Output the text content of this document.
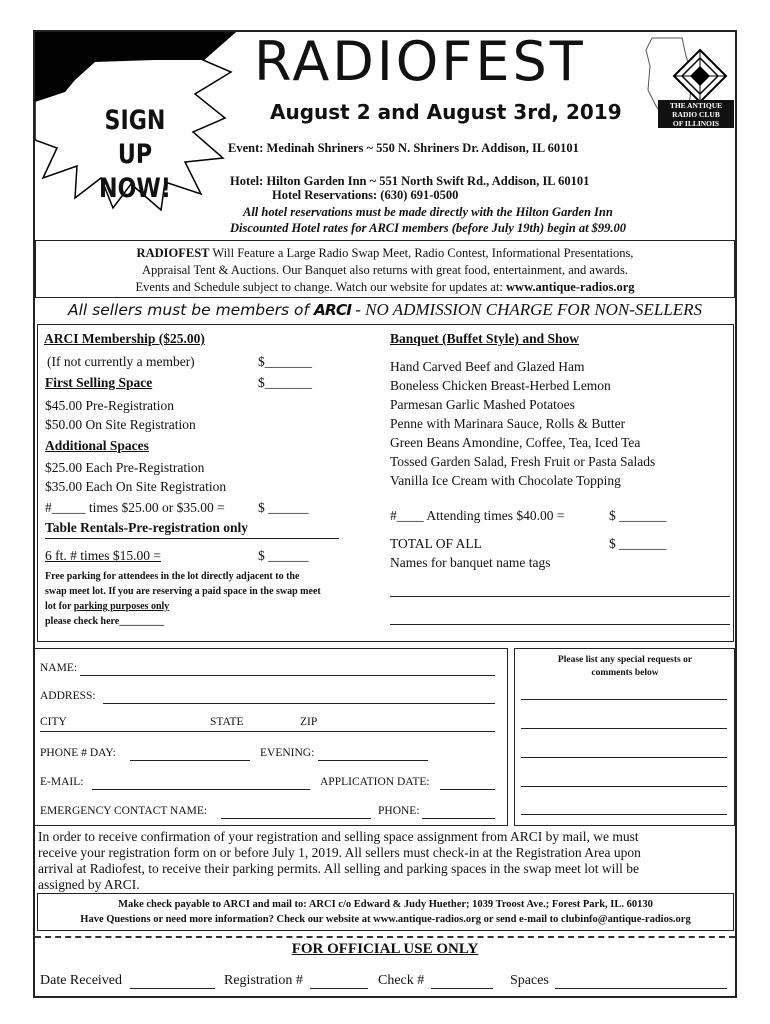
SIGN UP
NOW!
RADIOFEST
August 2 and August 3rd, 2019	THE ANTIQUE
RADIO CLUB
OF ILLINOIS
Event: Medinah Shriners ~ 550 N. Shriners Dr. Addison, IL 60101
Hotel: Hilton Garden Inn ~ 551 North Swift Rd., Addison, IL 60101
Hotel Reservations: (630) 691-0500
All hotel reservations must be made directly with the Hilton Garden Inn
Discounted Hotel rates for ARCI members (before July 19th) begin at $99.00
RADIOFEST Will Feature a Large Radio Swap Meet, Radio Contest, Informational Presentations,
Appraisal Tent & Auctions. Our Banquet also returns with great food, entertainment, and awards.
Events and Schedule subject to change. Watch our website for updates at: www.antique-radios.org
All sellers must be members of ARCI - NO ADMISSION CHARGE FOR NON-SELLERS
ARCI Membership ($25.00)
(If not currently a member)	$_______
First Selling Space	$_______
$45.00 Pre-Registration
$50.00 On Site Registration
Additional Spaces
$25.00 Each Pre-Registration
$35.00 Each On Site Registration
#_____ times $25.00 or $35.00 = $ ______
Table Rentals-Pre-registration only
6 ft. # times $15.00 =	$ ______
Free parking for attendees in the lot directly adjacent to the
swap meet lot. If you are reserving a paid space in the swap meet
lot for parking purposes only
please check here_________
Banquet (Buffet Style) and Show
Hand Carved Beef and Glazed Ham
Boneless Chicken Breast-Herbed Lemon
Parmesan Garlic Mashed Potatoes
Penne with Marinara Sauce, Rolls & Butter
Green Beans Amondine, Coffee, Tea, Iced Tea
Tossed Garden Salad, Fresh Fruit or Pasta Salads
Vanilla Ice Cream with Chocolate Topping
#____ Attending times $40.00 =	$ _______
TOTAL OF ALL	$ _______
Names for banquet name tags
NAME:
ADDRESS:
CITY	STATE	ZIP
PHONE # DAY:	EVENING:
E-MAIL:	APPLICATION DATE:
EMERGENCY CONTACT NAME:	PHONE:
Please list any special requests or comments below
In order to receive confirmation of your registration and selling space assignment from ARCI by mail, we must
receive your registration form on or before July 1, 2019. All sellers must check-in at the Registration Area upon
arrival at Radiofest, to receive their parking permits. All selling and parking spaces in the swap meet lot will be
assigned by ARCI.
Make check payable to ARCI and mail to: ARCI c/o Edward & Judy Huether; 1039 Troost Ave.; Forest Park, IL. 60130
Have Questions or need more information? Check our website at www.antique-radios.org or send e-mail to clubinfo@antique-radios.org
FOR OFFICIAL USE ONLY
Date Received	Registration #	Check #	Spaces
